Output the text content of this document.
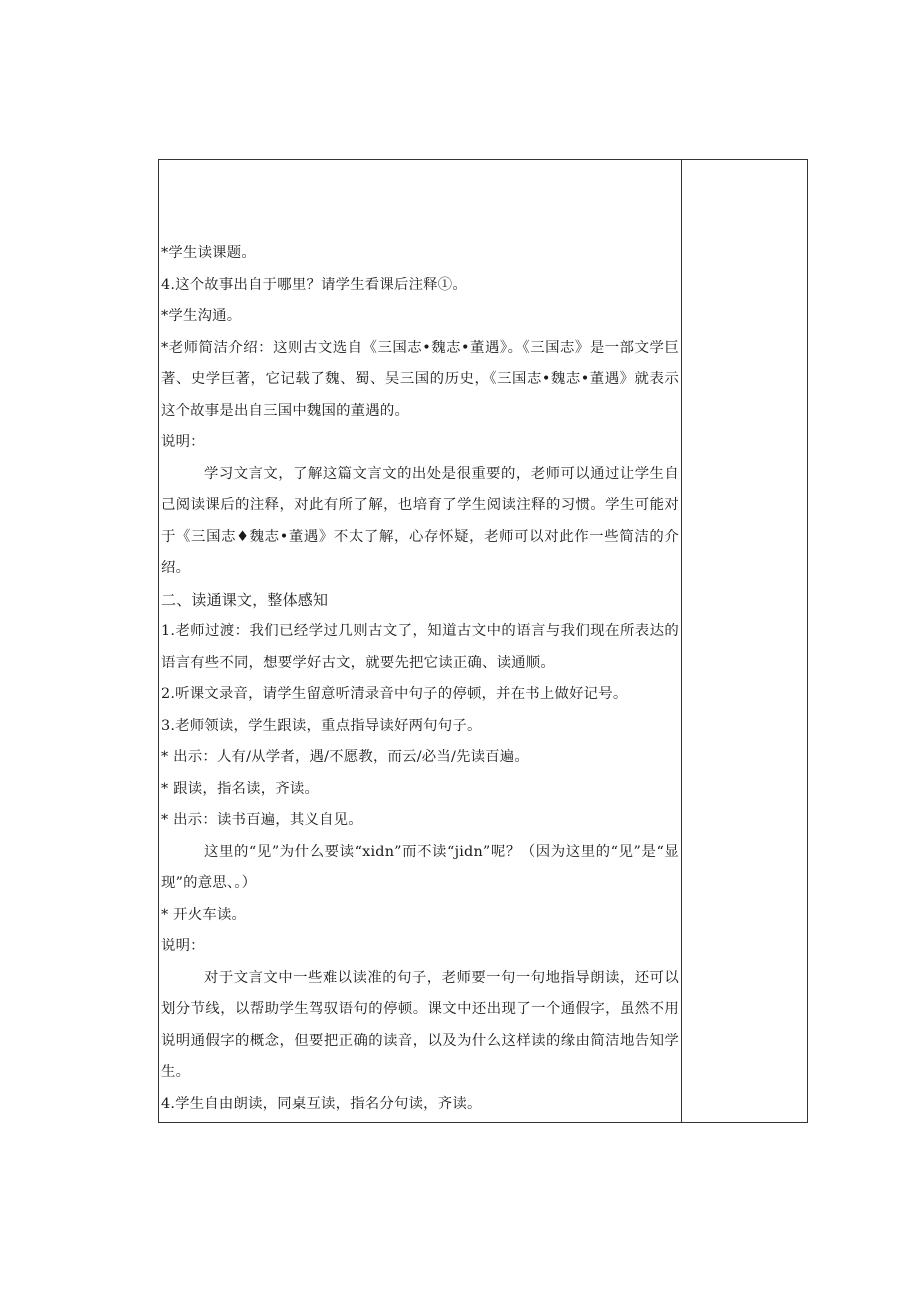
*学生读课题。
4.这个故事出自于哪里？请学生看课后注释①。
*学生沟通。
*老师简洁介绍：这则古文选自《三国志•魏志•董遇》。《三国志》是一部文学巨著、史学巨著，它记载了魏、蜀、吴三国的历史，《三国志•魏志•董遇》就表示这个故事是出自三国中魏国的董遇的。
说明：
学习文言文，了解这篇文言文的出处是很重要的，老师可以通过让学生自己阅读课后的注释，对此有所了解，也培育了学生阅读注释的习惯。学生可能对于《三国志♦魏志•董遇》不太了解，心存怀疑，老师可以对此作一些简洁的介绍。
二、读通课文，整体感知
1.老师过渡：我们已经学过几则古文了，知道古文中的语言与我们现在所表达的语言有些不同，想要学好古文，就要先把它读正确、读通顺。
2.听课文录音，请学生留意听清录音中句子的停顿，并在书上做好记号。
3.老师领读，学生跟读，重点指导读好两句句子。
* 出示：人有/从学者，遇/不愿教，而云/必当/先读百遍。
* 跟读，指名读，齐读。
* 出示：读书百遍，其义自见。
这里的“见”为什么要读“xidn”而不读“jidn”呢？（因为这里的“见”是“显现”的意思、。）
* 开火车读。
说明：
对于文言文中一些难以读准的句子，老师要一句一句地指导朗读，还可以划分节线，以帮助学生驾驭语句的停顿。课文中还出现了一个通假字，虽然不用说明通假字的概念，但要把正确的读音，以及为什么这样读的缘由简洁地告知学生。
4.学生自由朗读，同桌互读，指名分句读，齐读。
